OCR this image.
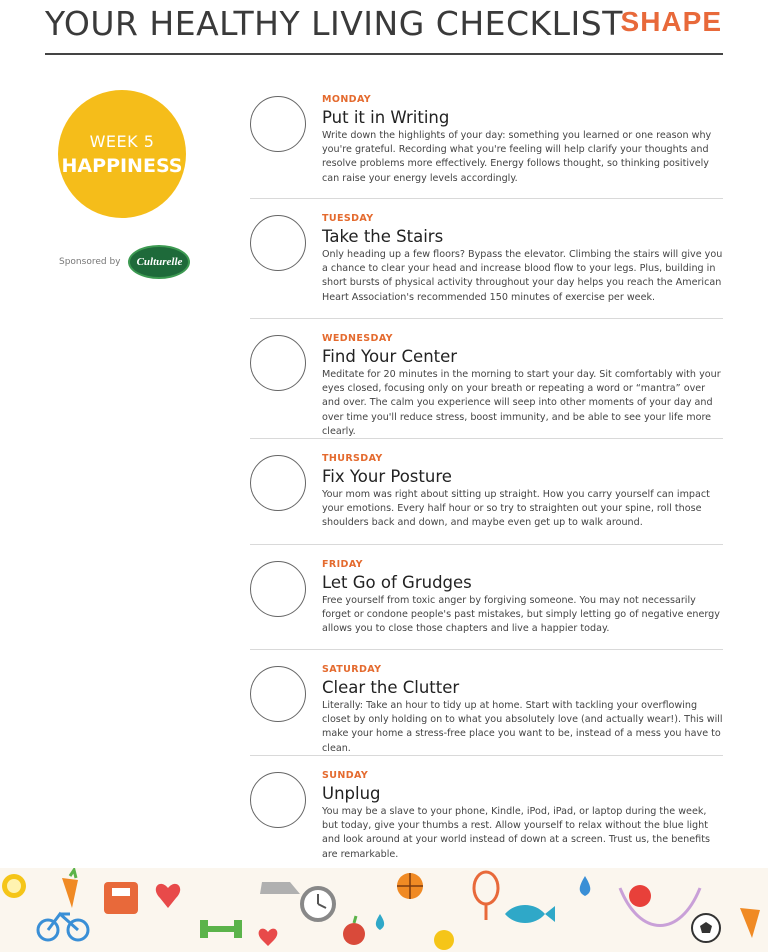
YOUR HEALTHY LIVING CHECKLIST
SHAPE
WEEK 5
HAPPINESS
Sponsored by	Culturelle
MONDAY
Put it in Writing
Write down the highlights of your day: something you learned or one reason why you're grateful. Recording what you're feeling will help clarify your thoughts and resolve problems more effectively. Energy follows thought, so thinking positively can raise your energy levels accordingly.
TUESDAY
Take the Stairs
Only heading up a few floors? Bypass the elevator. Climbing the stairs will give you a chance to clear your head and increase blood flow to your legs. Plus, building in short bursts of physical activity throughout your day helps you reach the American Heart Association's recommended 150 minutes of exercise per week.
WEDNESDAY
Find Your Center
Meditate for 20 minutes in the morning to start your day. Sit comfortably with your eyes closed, focusing only on your breath or repeating a word or “mantra” over and over. The calm you experience will seep into other moments of your day and over time you'll reduce stress, boost immunity, and be able to see your life more clearly.
THURSDAY
Fix Your Posture
Your mom was right about sitting up straight. How you carry yourself can impact your emotions. Every half hour or so try to straighten out your spine, roll those shoulders back and down, and maybe even get up to walk around.
FRIDAY
Let Go of Grudges
Free yourself from toxic anger by forgiving someone. You may not necessarily forget or condone people's past mistakes, but simply letting go of negative energy allows you to close those chapters and live a happier today.
SATURDAY
Clear the Clutter
Literally: Take an hour to tidy up at home. Start with tackling your overflowing closet by only holding on to what you absolutely love (and actually wear!). This will make your home a stress-free place you want to be, instead of a mess you have to clean.
SUNDAY
Unplug
You may be a slave to your phone, Kindle, iPod, iPad, or laptop during the week, but today, give your thumbs a rest. Allow yourself to relax without the blue light and look around at your world instead of down at a screen. Trust us, the benefits are remarkable.
